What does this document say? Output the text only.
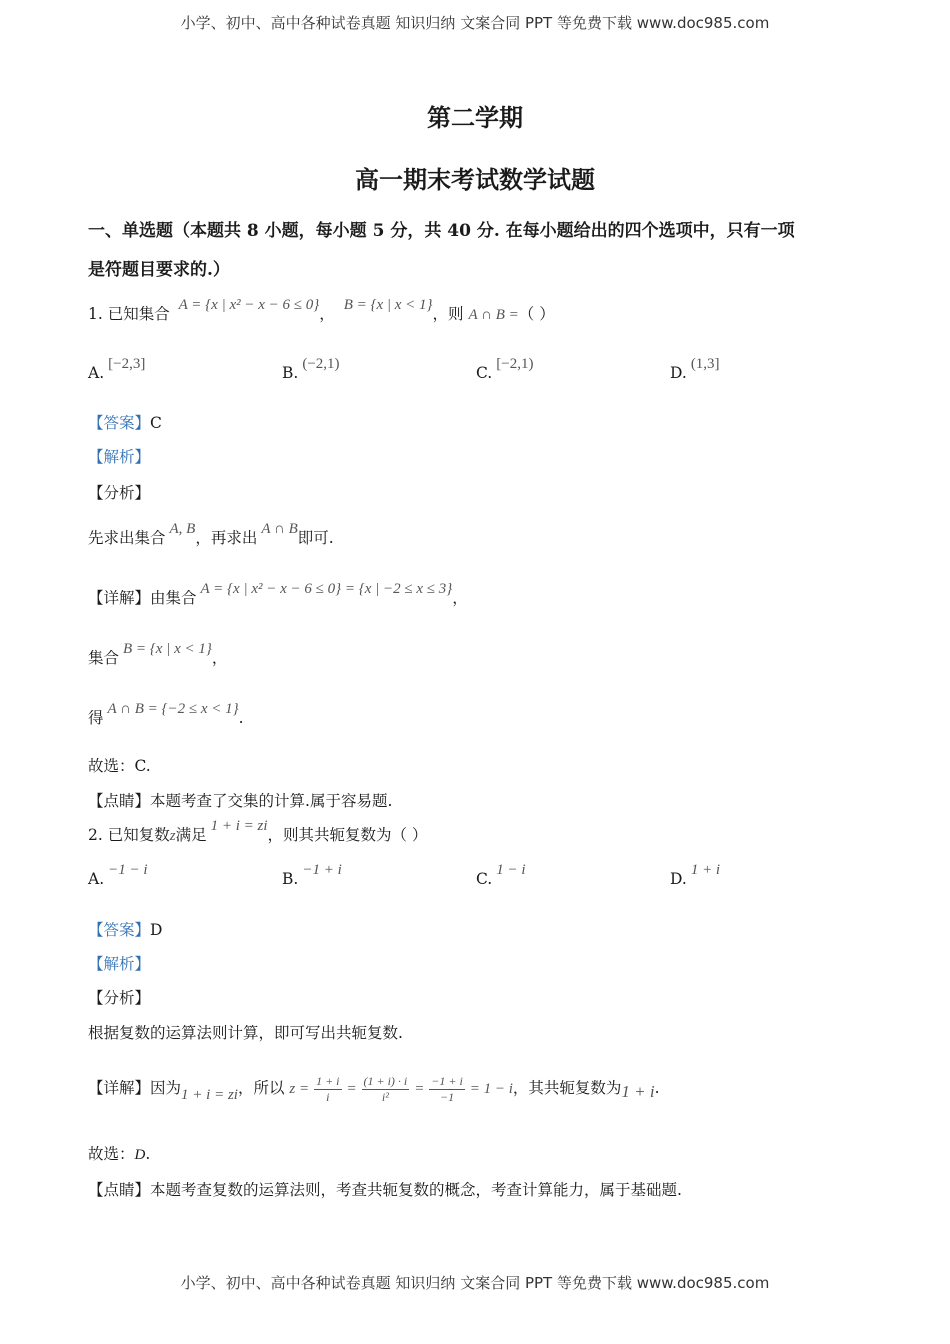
小学、初中、高中各种试卷真题 知识归纳 文案合同 PPT 等免费下载 www.doc985.com
第二学期
高一期末考试数学试题
一、单选题（本题共 8 小题，每小题 5 分，共 40 分. 在每小题给出的四个选项中，只有一项
是符题目要求的.）
1. 已知集合 A = {x | x² − x − 6 ≤ 0}， B = {x | x < 1}，则 A ∩ B =（ ）
A. [−2,3]	B. (−2,1)	C. [−2,1)	D. (1,3]
【答案】C
【解析】
【分析】
先求出集合 A, B，再求出 A ∩ B即可.
【详解】由集合 A = {x | x² − x − 6 ≤ 0} = {x | −2 ≤ x ≤ 3}，
集合 B = {x | x < 1}，
得 A ∩ B = {−2 ≤ x < 1}.
故选：C.
【点睛】本题考查了交集的计算.属于容易题.
2. 已知复数z满足 1 + i = zi，则其共轭复数为（ ）
A. −1 − i	B. −1 + i	C. 1 − i	D. 1 + i
【答案】D
【解析】
【分析】
根据复数的运算法则计算，即可写出共轭复数.
【详解】因为1 + i = zi，所以 $z = \frac{1 + i}{i} = \frac{(1 + i) \cdot i}{\text{i²}} = \frac{-1 + i}{-1} = 1 - i$，其共轭复数为1 + i.
故选：D.
【点睛】本题考查复数的运算法则，考查共轭复数的概念，考查计算能力，属于基础题.
小学、初中、高中各种试卷真题 知识归纳 文案合同 PPT 等免费下载 www.doc985.com
